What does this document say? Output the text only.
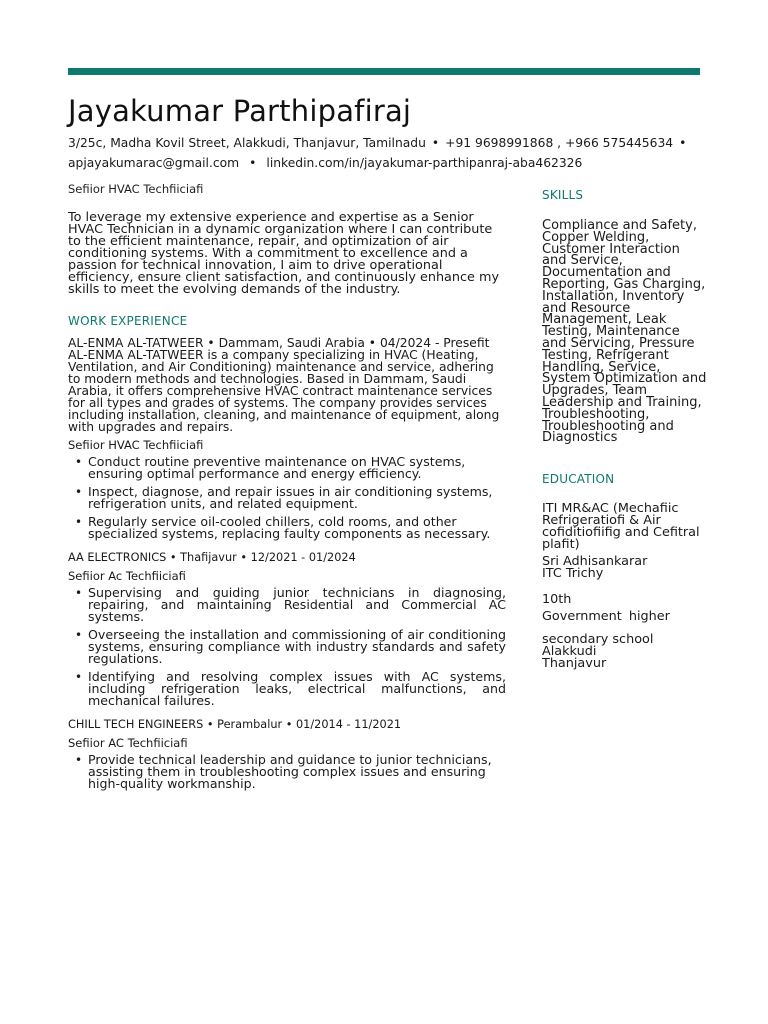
Jayakumar Parthipafiraj
3/25c, Madha Kovil Street, Alakkudi, Thanjavur, Tamilnadu • +91 9698991868 , +966 575445634 •
apjayakumarac@gmail.com • linkedin.com/in/jayakumar-parthipanraj-aba462326
Sefiior HVAC Techfiiciafi
To leverage my extensive experience and expertise as a Senior HVAC Technician in a dynamic organization where I can contribute to the efficient maintenance, repair, and optimization of air conditioning systems. With a commitment to excellence and a passion for technical innovation, I aim to drive operational efficiency, ensure client satisfaction, and continuously enhance my skills to meet the evolving demands of the industry.
WORK EXPERIENCE
AL-ENMA AL-TATWEER • Dammam, Saudi Arabia • 04/2024 - Presefit AL-ENMA AL-TATWEER is a company specializing in HVAC (Heating, Ventilation, and Air Conditioning) maintenance and service, adhering to modern methods and technologies. Based in Dammam, Saudi Arabia, it offers comprehensive HVAC contract maintenance services for all types and grades of systems. The company provides services including installation, cleaning, and maintenance of equipment, along with upgrades and repairs.
Sefiior HVAC Techfiiciafi
• Conduct routine preventive maintenance on HVAC systems, ensuring optimal performance and energy efficiency.
• Inspect, diagnose, and repair issues in air conditioning systems, refrigeration units, and related equipment.
• Regularly service oil-cooled chillers, cold rooms, and other specialized systems, replacing faulty components as necessary.
AA ELECTRONICS • Thafijavur • 12/2021 - 01/2024
Sefiior Ac Techfiiciafi
• Supervising and guiding junior technicians in diagnosing, repairing, and maintaining Residential and Commercial AC systems.
• Overseeing the installation and commissioning of air conditioning systems, ensuring compliance with industry standards and safety regulations.
• Identifying and resolving complex issues with AC systems, including refrigeration leaks, electrical malfunctions, and mechanical failures.
CHILL TECH ENGINEERS • Perambalur • 01/2014 - 11/2021
Sefiior AC Techfiiciafi
• Provide technical leadership and guidance to junior technicians, assisting them in troubleshooting complex issues and ensuring high-quality workmanship.
SKILLS
Compliance and Safety, Copper Welding, Customer Interaction and Service, Documentation and Reporting, Gas Charging, Installation, Inventory and Resource Management, Leak Testing, Maintenance and Servicing, Pressure Testing, Refrigerant Handling, Service, System Optimization and Upgrades, Team Leadership and Training, Troubleshooting, Troubleshooting and Diagnostics
EDUCATION
ITI MR&AC (Mechafiic Refrigeratiofi & Air cofiditiofiifig and Cefitral plafit)
Sri Adhisankarar
ITC Trichy
10th
Government higher
secondary school
Alakkudi
Thanjavur
